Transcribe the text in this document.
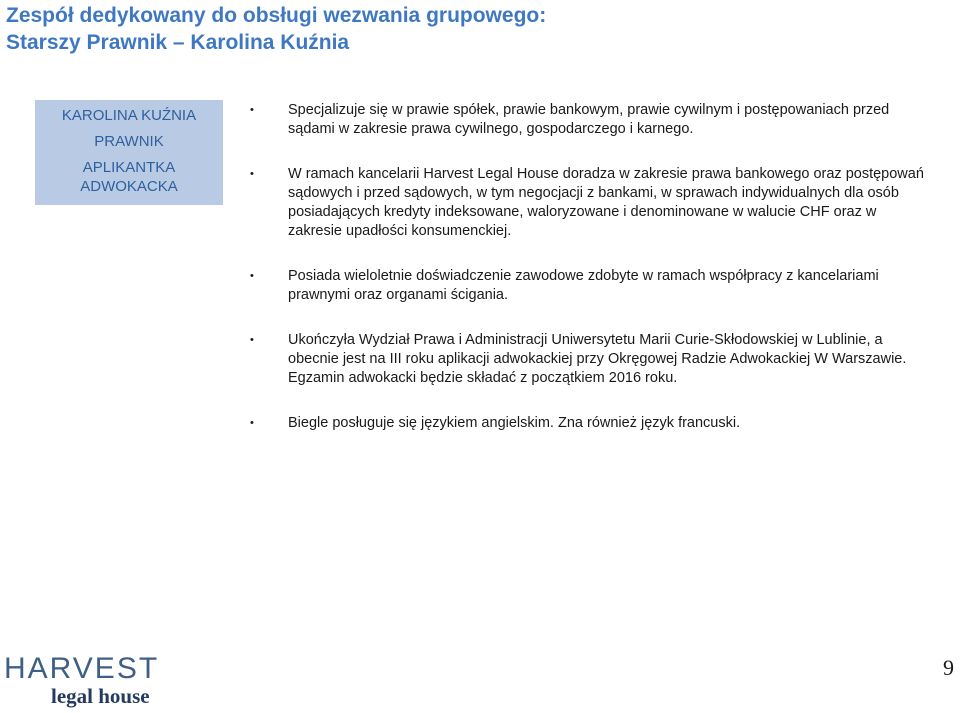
Zespół dedykowany do obsługi wezwania grupowego:
Starszy Prawnik – Karolina Kuźnia
KAROLINA KUŹNIA
PRAWNIK
APLIKANTKA
ADWOKACKA
• Specjalizuje się w prawie spółek, prawie bankowym, prawie cywilnym i postępowaniach przed sądami w zakresie prawa cywilnego, gospodarczego i karnego.
• W ramach kancelarii Harvest Legal House doradza w zakresie prawa bankowego oraz postępowań sądowych i przed sądowych, w tym negocjacji z bankami, w sprawach indywidualnych dla osób posiadających kredyty indeksowane, waloryzowane i denominowane w walucie CHF oraz w zakresie upadłości konsumenckiej.
• Posiada wieloletnie doświadczenie zawodowe zdobyte w ramach współpracy z kancelariami prawnymi oraz organami ścigania.
• Ukończyła Wydział Prawa i Administracji Uniwersytetu Marii Curie-Skłodowskiej w Lublinie, a obecnie jest na III roku aplikacji adwokackiej przy Okręgowej Radzie Adwokackiej W Warszawie. Egzamin adwokacki będzie składać z początkiem 2016 roku.
• Biegle posługuje się językiem angielskim. Zna również język francuski.
HARVEST
legal house
9
